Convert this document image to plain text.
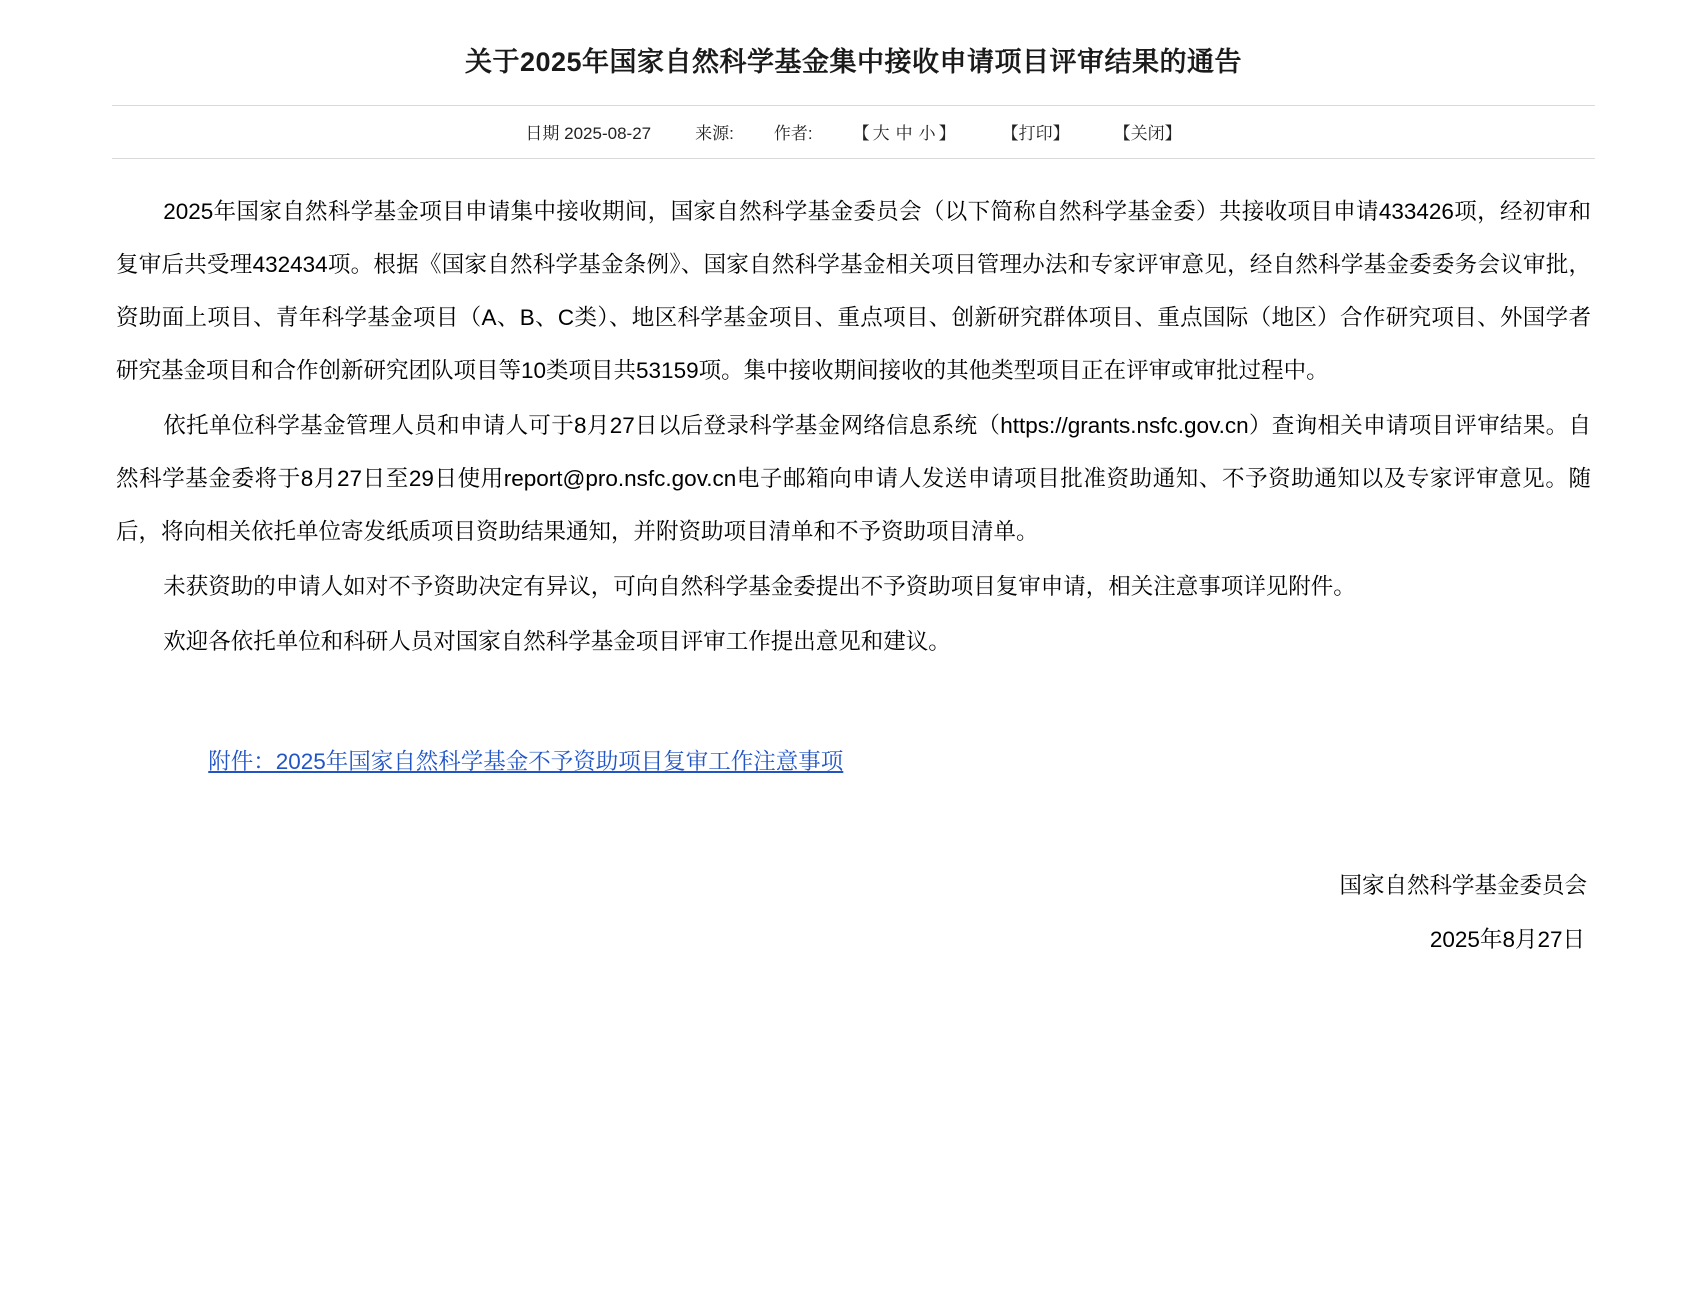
关于2025年国家自然科学基金集中接收申请项目评审结果的通告
日期 2025-08-27	来源: 作者: 【 大 中 小 】	【打印】	【关闭】

2025年国家自然科学基金项目申请集中接收期间，国家自然科学基金委员会（以下简称自然科学基金委）共接收项目申请433426项，经初审和复审后共受理432434项。根据《国家自然科学基金条例》、国家自然科学基金相关项目管理办法和专家评审意见，经自然科学基金委委务会议审批，资助面上项目、青年科学基金项目（A、B、C类）、地区科学基金项目、重点项目、创新研究群体项目、重点国际（地区）合作研究项目、外国学者研究基金项目和合作创新研究团队项目等10类项目共53159项。集中接收期间接收的其他类型项目正在评审或审批过程中。

依托单位科学基金管理人员和申请人可于8月27日以后登录科学基金网络信息系统（https://grants.nsfc.gov.cn）查询相关申请项目评审结果。自然科学基金委将于8月27日至29日使用report@pro.nsfc.gov.cn电子邮箱向申请人发送申请项目批准资助通知、不予资助通知以及专家评审意见。随后，将向相关依托单位寄发纸质项目资助结果通知，并附资助项目清单和不予资助项目清单。

未获资助的申请人如对不予资助决定有异议，可向自然科学基金委提出不予资助项目复审申请，相关注意事项详见附件。

欢迎各依托单位和科研人员对国家自然科学基金项目评审工作提出意见和建议。

附件：2025年国家自然科学基金不予资助项目复审工作注意事项
国家自然科学基金委员会
2025年8月27日
